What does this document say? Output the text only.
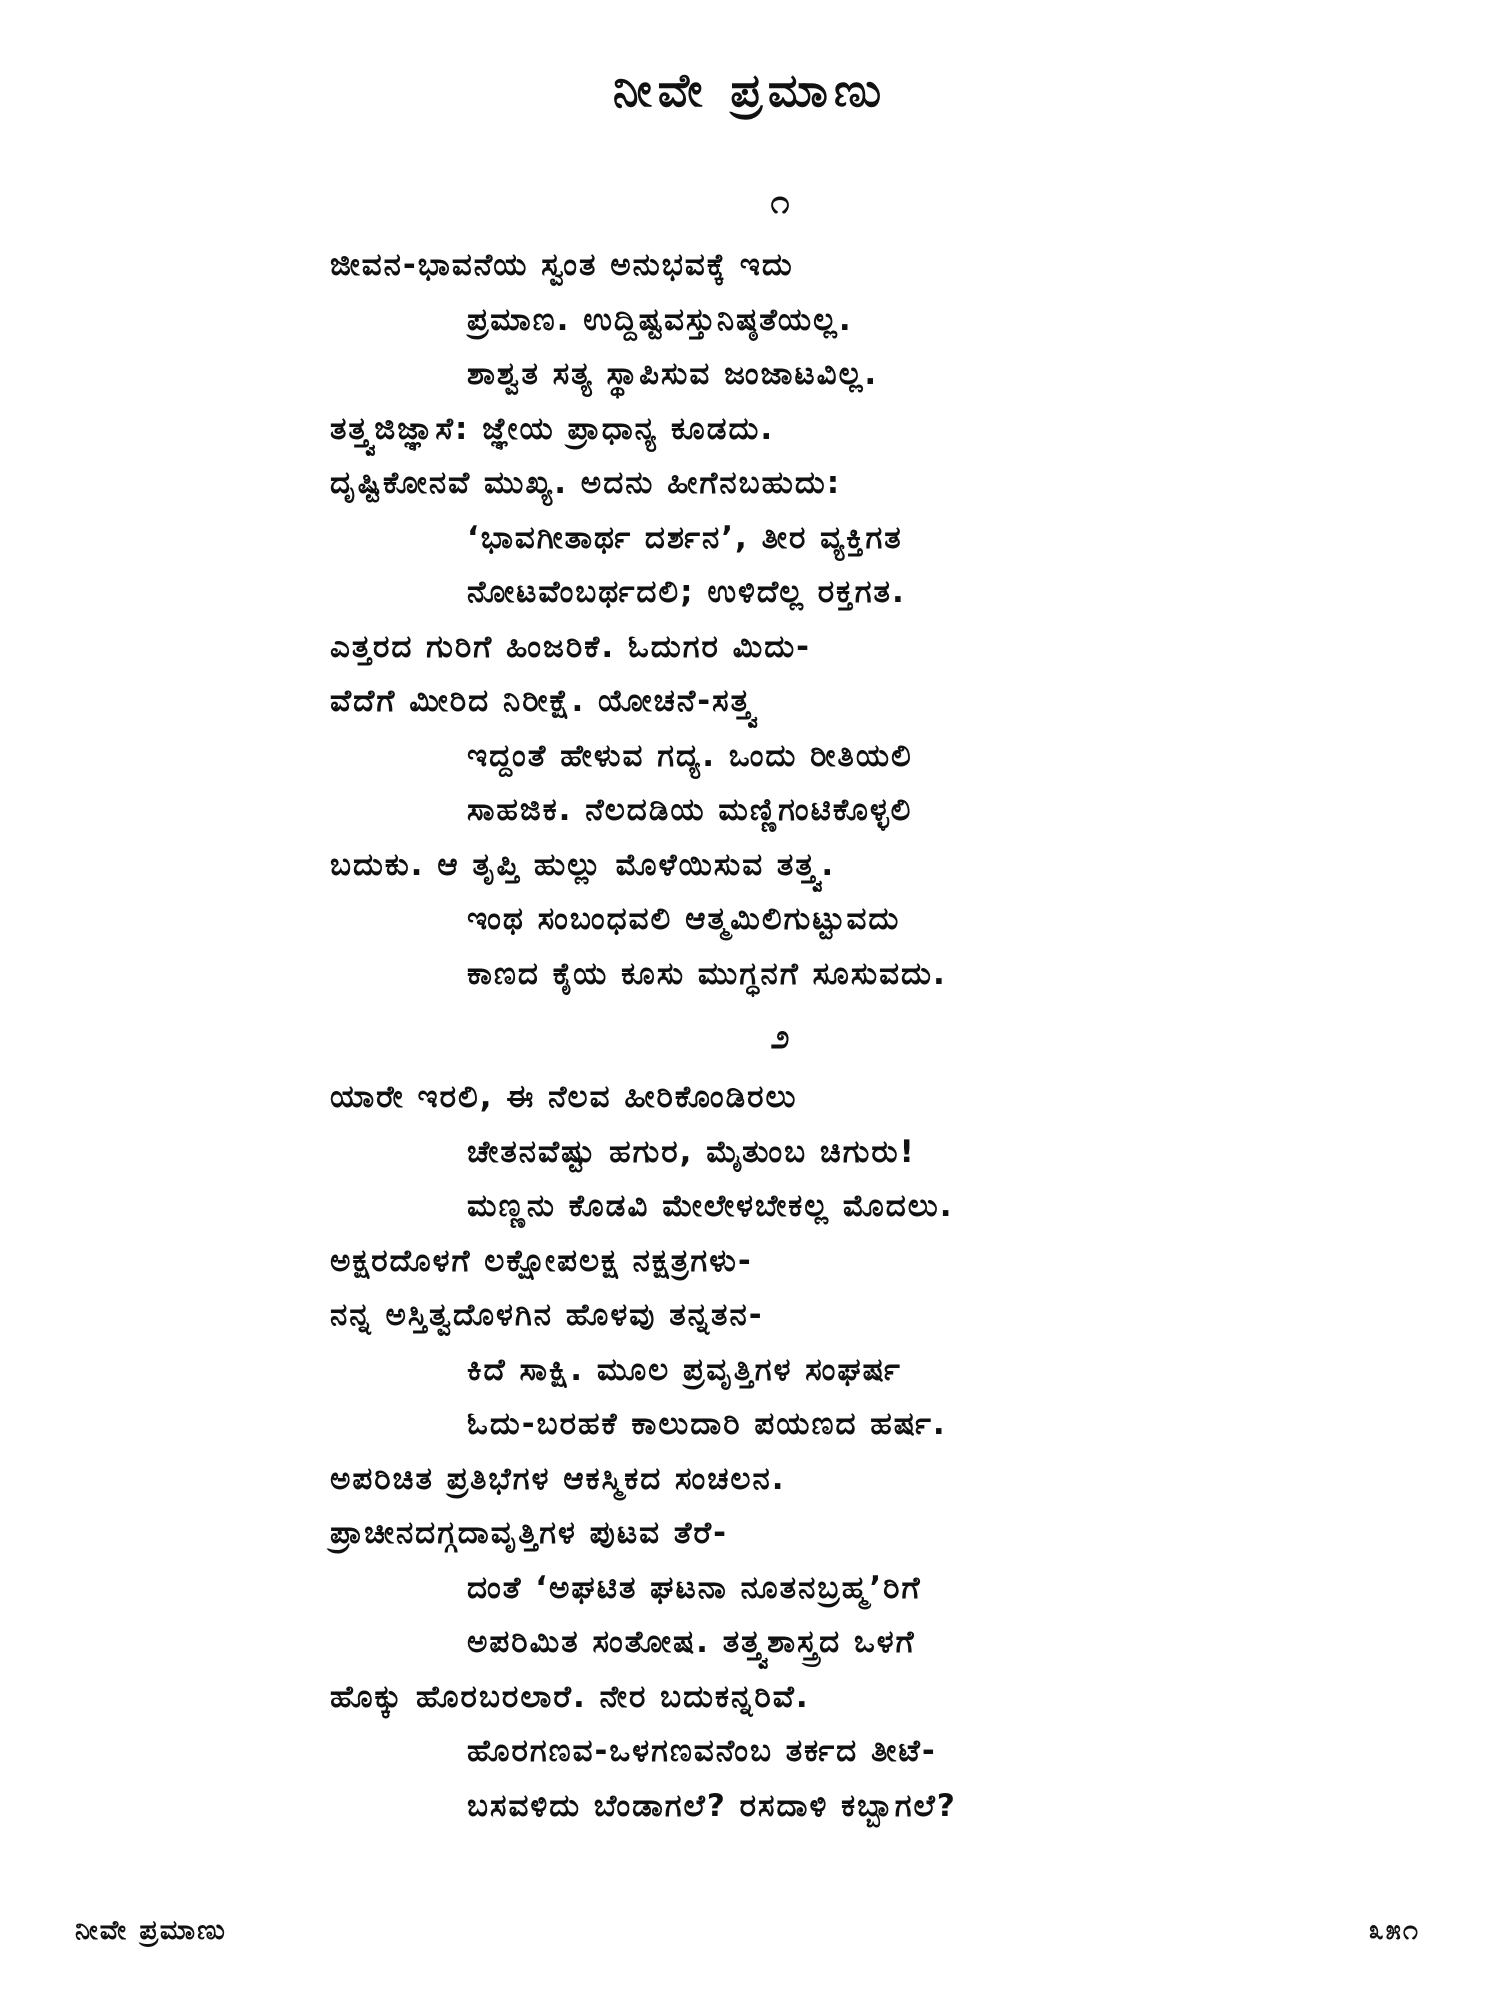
ನೀವೇ ಪ್ರಮಾಣು
೧
ಜೀವನ-ಭಾವನೆಯ ಸ್ವಂತ ಅನುಭವಕ್ಕೆ ಇದು
ಪ್ರಮಾಣ. ಉದ್ದಿಷ್ಟವಸ್ತುನಿಷ್ಠತೆಯಲ್ಲ.
ಶಾಶ್ವತ ಸತ್ಯ ಸ್ಥಾಪಿಸುವ ಜಂಜಾಟವಿಲ್ಲ.
ತತ್ತ್ವಜಿಜ್ಞಾಸೆ: ಜ್ಞೇಯ ಪ್ರಾಧಾನ್ಯ ಕೂಡದು.
ದೃಷ್ಟಿಕೋನವೆ ಮುಖ್ಯ. ಅದನು ಹೀಗೆನಬಹುದು:
‘ಭಾವಗೀತಾರ್ಥ ದರ್ಶನ’, ತೀರ ವ್ಯಕ್ತಿಗತ
ನೋಟವೆಂಬರ್ಥದಲಿ; ಉಳಿದೆಲ್ಲ ರಕ್ತಗತ.
ಎತ್ತರದ ಗುರಿಗೆ ಹಿಂಜರಿಕೆ. ಓದುಗರ ಮಿದು-
ವೆದೆಗೆ ಮೀರಿದ ನಿರೀಕ್ಷೆ. ಯೋಚನೆ-ಸತ್ತ್ವ
ಇದ್ದಂತೆ ಹೇಳುವ ಗದ್ಯ. ಒಂದು ರೀತಿಯಲಿ
ಸಾಹಜಿಕ. ನೆಲದಡಿಯ ಮಣ್ಣಿಗಂಟಿಕೊಳ್ಳಲಿ
ಬದುಕು. ಆ ತೃಪ್ತಿ ಹುಲ್ಲು ಮೊಳೆಯಿಸುವ ತತ್ತ್ವ.
ಇಂಥ ಸಂಬಂಧವಲಿ ಆತ್ಮಮಿಲಿಗುಟ್ಟುವದು
ಕಾಣದ ಕೈಯ ಕೂಸು ಮುಗ್ಧನಗೆ ಸೂಸುವದು.
೨
ಯಾರೇ ಇರಲಿ, ಈ ನೆಲವ ಹೀರಿಕೊಂಡಿರಲು
ಚೇತನವೆಷ್ಟು ಹಗುರ, ಮೈತುಂಬ ಚಿಗುರು!
ಮಣ್ಣನು ಕೊಡವಿ ಮೇಲೇಳಬೇಕಲ್ಲ ಮೊದಲು.
ಅಕ್ಷರದೊಳಗೆ ಲಕ್ಷೋಪಲಕ್ಷ ನಕ್ಷತ್ರಗಳು-
ನನ್ನ ಅಸ್ತಿತ್ವದೊಳಗಿನ ಹೊಳವು ತನ್ನತನ-
ಕಿದೆ ಸಾಕ್ಷಿ. ಮೂಲ ಪ್ರವೃತ್ತಿಗಳ ಸಂಘರ್ಷ
ಓದು-ಬರಹಕೆ ಕಾಲುದಾರಿ ಪಯಣದ ಹರ್ಷ.
ಅಪರಿಚಿತ ಪ್ರತಿಭೆಗಳ ಆಕಸ್ಮಿಕದ ಸಂಚಲನ.
ಪ್ರಾಚೀನದಗ್ಗದಾವೃತ್ತಿಗಳ ಪುಟವ ತೆರೆ-
ದಂತೆ ‘ಅಘಟಿತ ಘಟನಾ ನೂತನಬ್ರಹ್ಮ’ರಿಗೆ
ಅಪರಿಮಿತ ಸಂತೋಷ. ತತ್ತ್ವಶಾಸ್ತ್ರದ ಒಳಗೆ
ಹೊಕ್ಕು ಹೊರಬರಲಾರೆ. ನೇರ ಬದುಕನ್ನರಿವೆ.
ಹೊರಗಣವ-ಒಳಗಣವನೆಂಬ ತರ್ಕದ ತೀಟೆ-
ಬಸವಳಿದು ಬೆಂಡಾಗಲೆ? ರಸದಾಳಿ ಕಬ್ಬಾಗಲೆ?
ನೀವೇ ಪ್ರಮಾಣು	೩೫೧
